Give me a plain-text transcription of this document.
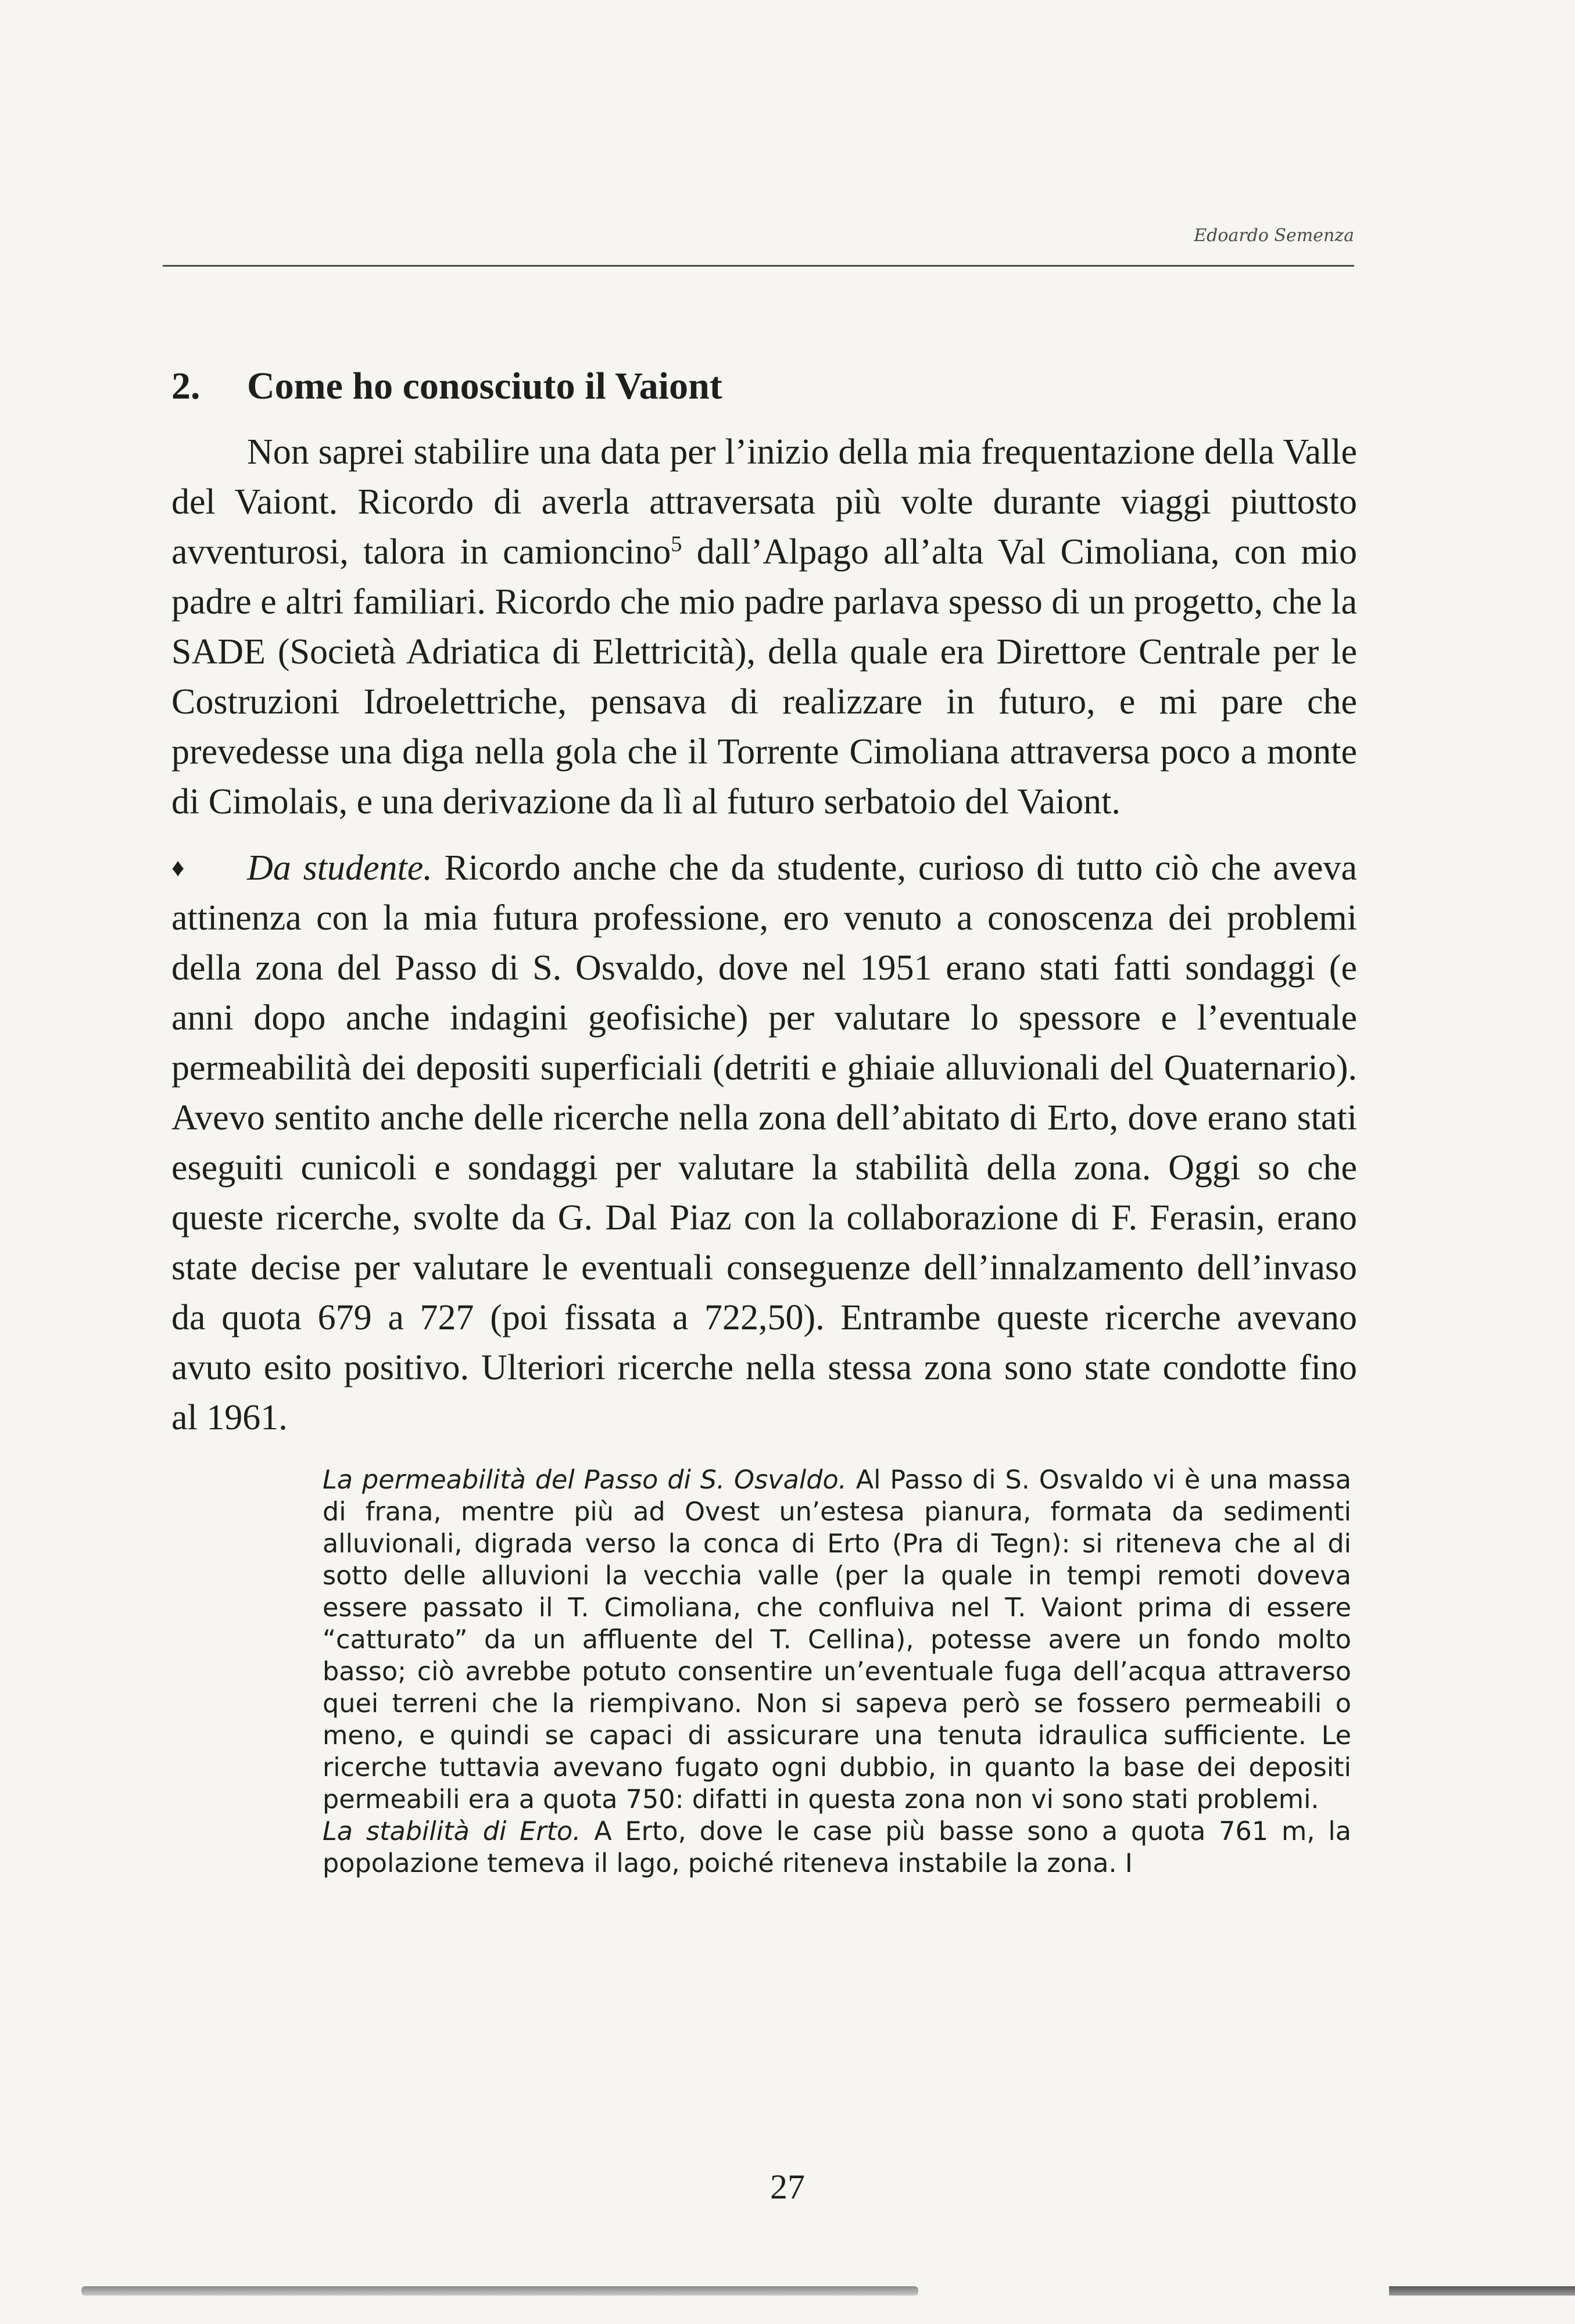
Edoardo Semenza
2. Come ho conosciuto il Vaiont

Non saprei stabilire una data per l’inizio della mia frequentazione della Valle del Vaiont. Ricordo di averla attraversata più volte durante viaggi piuttosto avventurosi, talora in camioncino$^5$ dall’Alpago all’alta Val Cimoliana, con mio padre e altri familiari. Ricordo che mio padre parlava spesso di un progetto, che la SADE (Società Adriatica di Elettricità), della quale era Direttore Centrale per le Costruzioni Idroelettriche, pensava di realizzare in futuro, e mi pare che prevedesse una diga nella gola che il Torrente Cimoliana attraversa poco a monte di Cimolais, e una derivazione da lì al futuro serbatoio del Vaiont.

♦ Da studente. Ricordo anche che da studente, curioso di tutto ciò che aveva attinenza con la mia futura professione, ero venuto a conoscenza dei problemi della zona del Passo di S. Osvaldo, dove nel 1951 erano stati fatti sondaggi (e anni dopo anche indagini geofisiche) per valutare lo spessore e l’eventuale permeabilità dei depositi superficiali (detriti e ghiaie alluvionali del Quaternario). Avevo sentito anche delle ricerche nella zona dell’abitato di Erto, dove erano stati eseguiti cunicoli e sondaggi per valutare la stabilità della zona. Oggi so che queste ricerche, svolte da G. Dal Piaz con la collaborazione di F. Ferasin, erano state decise per valutare le eventuali conseguenze dell’innalzamento dell’invaso da quota 679 a 727 (poi fissata a 722,50). Entrambe queste ricerche avevano avuto esito positivo. Ulteriori ricerche nella stessa zona sono state condotte fino al 1961.

La permeabilità del Passo di S. Osvaldo. Al Passo di S. Osvaldo vi è una massa di frana, mentre più ad Ovest un’estesa pianura, formata da sedimenti alluvionali, digrada verso la conca di Erto (Pra di Tegn): si riteneva che al di sotto delle alluvioni la vecchia valle (per la quale in tempi remoti doveva essere passato il T. Cimoliana, che confluiva nel T. Vaiont prima di essere “catturato” da un affluente del T. Cellina), potesse avere un fondo molto basso; ciò avrebbe potuto consentire un’eventuale fuga dell’acqua attraverso quei terreni che la riempivano. Non si sapeva però se fossero permeabili o meno, e quindi se capaci di assicurare una tenuta idraulica sufficiente. Le ricerche tuttavia avevano fugato ogni dubbio, in quanto la base dei depositi permeabili era a quota 750: difatti in questa zona non vi sono stati problemi.

La stabilità di Erto. A Erto, dove le case più basse sono a quota 761 m, la popolazione temeva il lago, poiché riteneva instabile la zona. I

27
